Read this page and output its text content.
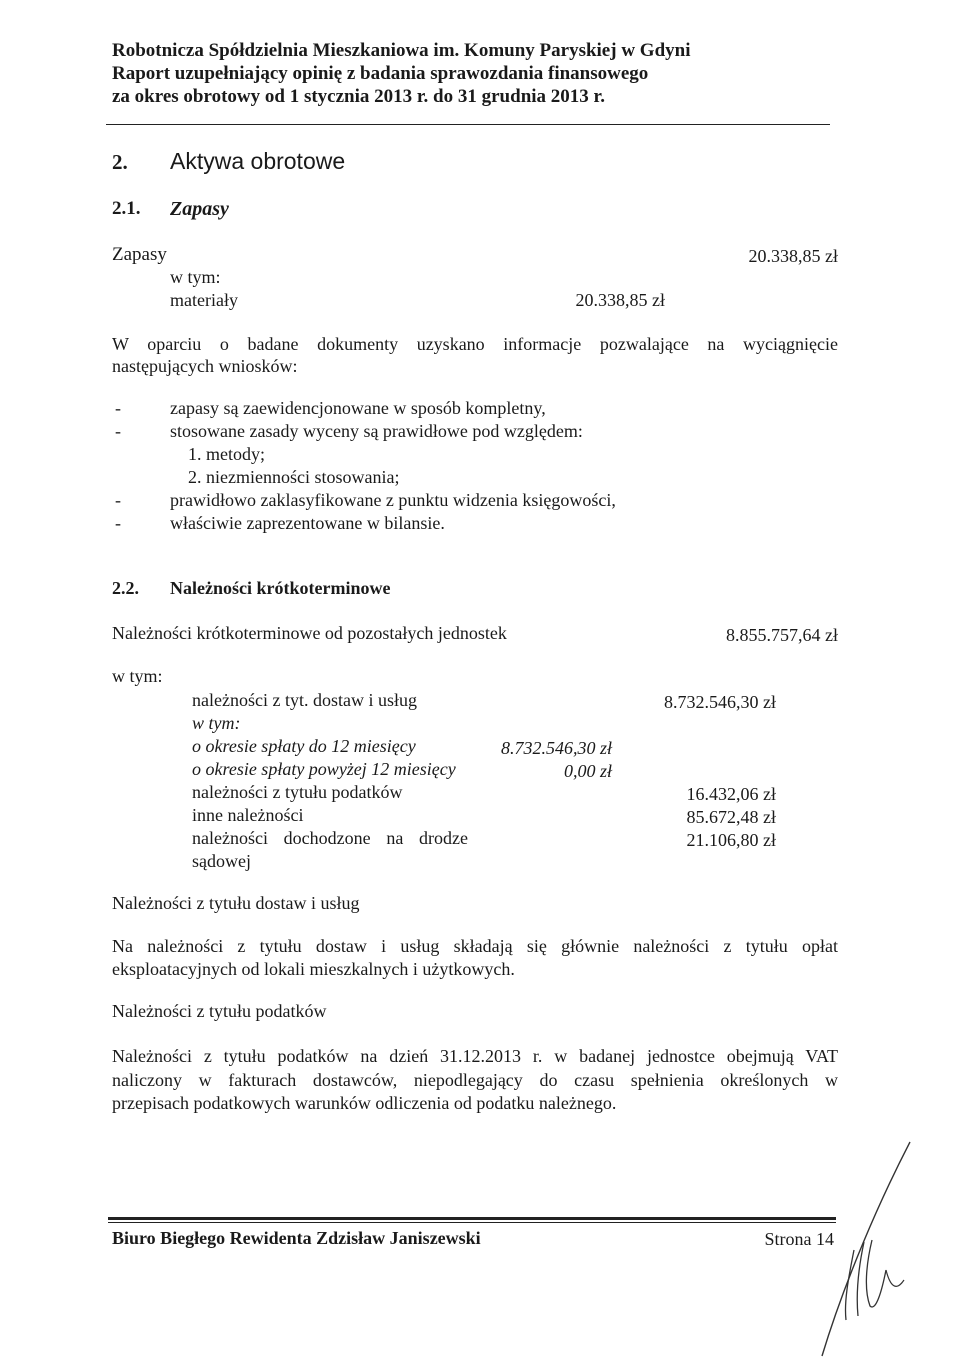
Robotnicza Spółdzielnia Mieszkaniowa im. Komuny Paryskiej w Gdyni
Raport uzupełniający opinię z badania sprawozdania finansowego
za okres obrotowy od 1 stycznia 2013 r. do 31 grudnia 2013 r.
2. Aktywa obrotowe
2.1. Zapasy
Zapasy	20.338,85 zł
w tym:
materiały	20.338,85 zł
W oparciu o badane dokumenty uzyskano informacje pozwalające na wyciągnięcie
następujących wniosków:
-	zapasy są zaewidencjonowane w sposób kompletny,
-	stosowane zasady wyceny są prawidłowe pod względem:
1. metody;
2. niezmienności stosowania;
-	prawidłowo zaklasyfikowane z punktu widzenia księgowości,
-	właściwie zaprezentowane w bilansie.
2.2. Należności krótkoterminowe
Należności krótkoterminowe od pozostałych jednostek	8.855.757,64 zł
w tym:
należności z tyt. dostaw i usług	8.732.546,30 zł
w tym:
o okresie spłaty do 12 miesięcy	8.732.546,30 zł
o okresie spłaty powyżej 12 miesięcy	0,00 zł
należności z tytułu podatków	16.432,06 zł
inne należności	85.672,48 zł
należności dochodzone na drodze	21.106,80 zł
sądowej
Należności z tytułu dostaw i usług
Na należności z tytułu dostaw i usług składają się głównie należności z tytułu opłat
eksploatacyjnych od lokali mieszkalnych i użytkowych.
Należności z tytułu podatków
Należności z tytułu podatków na dzień 31.12.2013 r. w badanej jednostce obejmują VAT
naliczony w fakturach dostawców, niepodlegający do czasu spełnienia określonych w
przepisach podatkowych warunków odliczenia od podatku należnego.
Biuro Biegłego Rewidenta Zdzisław Janiszewski	Strona 14
